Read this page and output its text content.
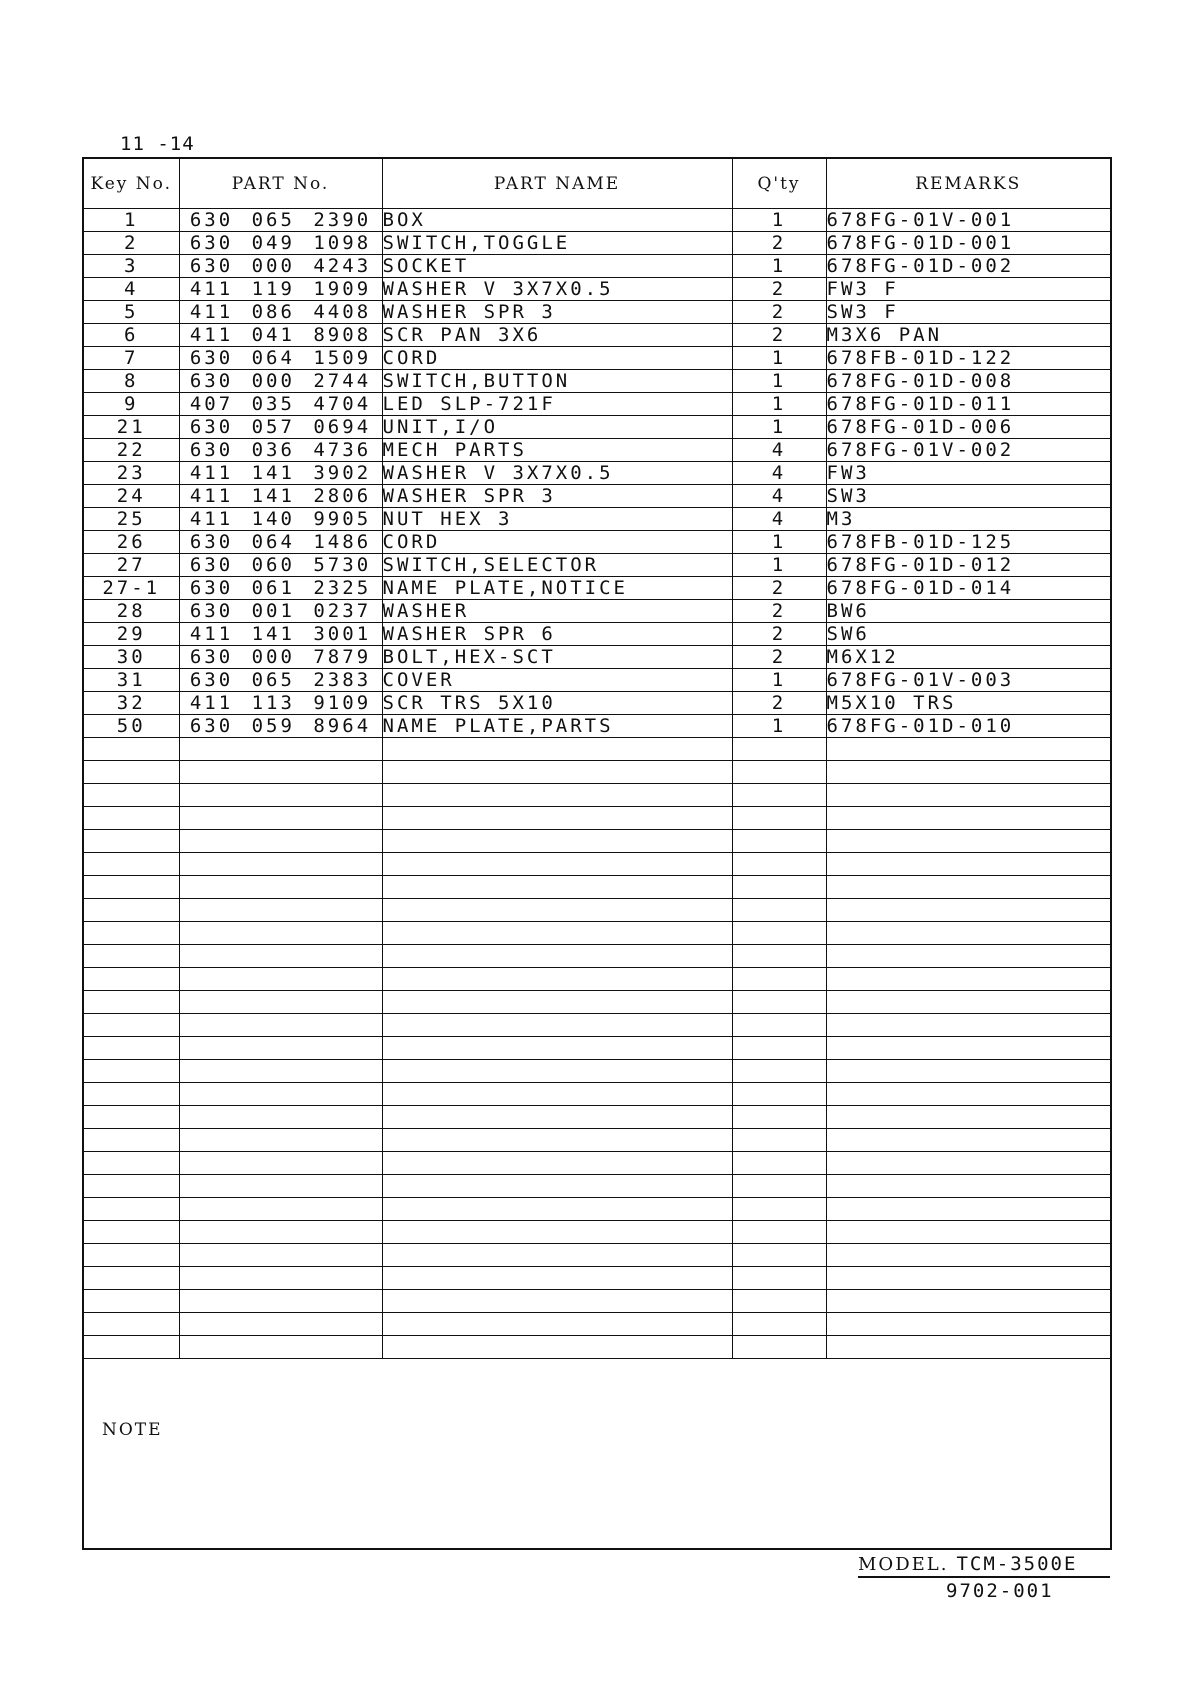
11 -14
Key No.	PART No.	PART NAME	Q'ty	REMARKS
1	630 065 2390	BOX	1	678FG-01V-001
2	630 049 1098	SWITCH,TOGGLE	2	678FG-01D-001
3	630 000 4243	SOCKET	1	678FG-01D-002
4	411 119 1909	WASHER V 3X7X0.5	2	FW3 F
5	411 086 4408	WASHER SPR 3	2	SW3 F
6	411 041 8908	SCR PAN 3X6	2	M3X6 PAN
7	630 064 1509	CORD	1	678FB-01D-122
8	630 000 2744	SWITCH,BUTTON	1	678FG-01D-008
9	407 035 4704	LED SLP-721F	1	678FG-01D-011
21	630 057 0694	UNIT,I/O	1	678FG-01D-006
22	630 036 4736	MECH PARTS	4	678FG-01V-002
23	411 141 3902	WASHER V 3X7X0.5	4	FW3
24	411 141 2806	WASHER SPR 3	4	SW3
25	411 140 9905	NUT HEX 3	4	M3
26	630 064 1486	CORD	1	678FB-01D-125
27	630 060 5730	SWITCH,SELECTOR	1	678FG-01D-012
27-1	630 061 2325	NAME PLATE,NOTICE	2	678FG-01D-014
28	630 001 0237	WASHER	2	BW6
29	411 141 3001	WASHER SPR 6	2	SW6
30	630 000 7879	BOLT,HEX-SCT	2	M6X12
31	630 065 2383	COVER	1	678FG-01V-003
32	411 113 9109	SCR TRS 5X10	2	M5X10 TRS
50	630 059 8964	NAME PLATE,PARTS	1	678FG-01D-010

NOTE
MODEL. TCM-3500E
9702-001
